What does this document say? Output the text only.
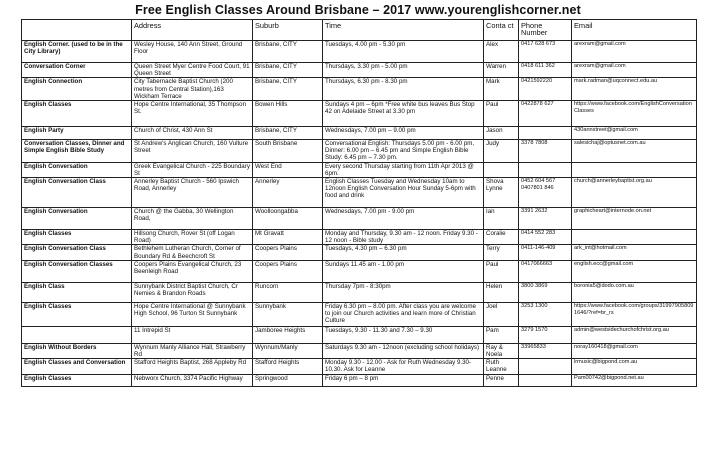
Free English Classes Around Brisbane – 2017 www.yourenglishcorner.net
	Address	Suburb	Time	Conta ct	Phone Number	Email
English Corner. (used to be in the City Library)	Wesley House, 140 Ann Street, Ground Floor	Brisbane, CITY	Tuesdays, 4.00 pm - 5.30 pm	Alex	0417 628 673	arexram@gmail.com
Conversation Corner	Queen Street Myer Centre Food Court, 91 Queen Street	Brisbane, CITY	Thursdays, 3.30 pm - 5.00 pm	Warren	0418 611 362	arexram@gmail.com
English Connection	City Tabernacle Baptist Church (200 metres from Central Station),163 Wickham Terrace	Brisbane, CITY	Thursdays, 6.30 pm - 8.30 pm	Mark	0421592220	mark.radman@uqconnect.edu.au
English Classes	Hope Centre International, 35 Thompson St.	Bowen Hills	Sundays 4 pm – 6pm *Free white bus leaves Bus Stop 42 on Adelaide Street at 3.30 pm	Paul	0422878 627	https://www.facebook.com/EnglishConversationClasses
English Party	Church of Christ, 430 Ann St	Brisbane, CITY	Wednesdays, 7.00 pm – 9.00 pm	Jason		430annstreet@gmail.com
Conversation Classes, Dinner and Simple English Bible Study	St Andrew's Anglican Church, 160 Vulture Street	South Brisbane	Conversational English: Thursdays 5.00 pm - 6.00 pm, Dinner: 6.00 pm – 6.45 pm and Simple English Bible Study: 6.45 pm – 7.30 pm.	Judy	3378 7808	salesichaj@optusnet.com.au
English Conversation	Greek Evangelical Church - 225 Boundary St	West End	Every second Thursday starting from 11th Apr 2013 @ 6pm.			
English Conversation Class	Annerley Baptist Church - 560 Ipswich Road, Annerley	Annerley	English Classes Tuesday and Wednesday 10am to 12noon English Conversation Hour Sunday 5-6pm with food and drink	Shova Lynne	0452 604 567 0407801 846	church@annerleybaptist.org.au
English Conversation	Church @ the Gabba, 30 Wellington Road,	Woolloongabba	Wednesdays, 7.00 pm - 9.00 pm	Ian	3391 2632	graphicheart@internode.on.net
English Classes	Hillsong Church, Rover St (off Logan Road)	Mt Gravatt	Monday and Thursday, 9.30 am - 12 noon. Friday 9.30 - 12 noon - Bible study	Coralie	0414 552 283	
English Conversation Class	Bethlehem Lutheran Church, Corner of Boundary Rd & Beechcroft St	Coopers Plains	Tuesdays, 4.30 pm – 6.30 pm	Terry	0411-146-409	ark_int@hotmail.com
English Conversation Classes	Coopers Plains Evangelical Church, 23 Beenleigh Road	Coopers Plains	Sundays 11.45 am - 1.00 pm	Paul	0417066663	english.ecc@gmail.com
English Class	Sunnybank District Baptist Church, Cr Nemies & Brandon Roads	Runcorn	Thursday 7pm - 8:30pm	Helen	3800 3869	boronia5@dodo.com.au
English Classes	Hope Centre International @ Sunnybank High School, 96 Turton St Sunnybank	Sunnybank	Friday 6.30 pm – 8.00 pm. After class you are welcome to join our Church activities and learn more of Christian Culture	Joel	3253 1300	https://www.facebook.com/groups/319979058091646/?ref=br_rs
	11 Intrepid St	Jamboree Heights	Tuesdays, 9.30 - 11.30 and 7.30 – 9.30	Pam	3279 1570	admin@westsidechurchofchrist.org.au
English Without Borders	Wynnum Manly Alliance Hall, Strawberry Rd	Wynnum/Manly	Saturdays 9.30 am - 12noon (excluding school holidays)	Ray & Noela	33965833	noray160418@gmail.com
English Classes and Conversation	Stafford Heights Baptist, 268 Appleby Rd	Stafford Heights	Monday 9.30 - 12.00 - Ask for Ruth Wednesday 9.30-10.30. Ask for Leanne	Ruth Leanne		lrmusic@bigpond.com.au
English Classes	Nebworx Church, 3374 Pacific Highway	Springwood	Friday 6 pm – 8 pm	Penne		Pam00742@bigpond.net.au
